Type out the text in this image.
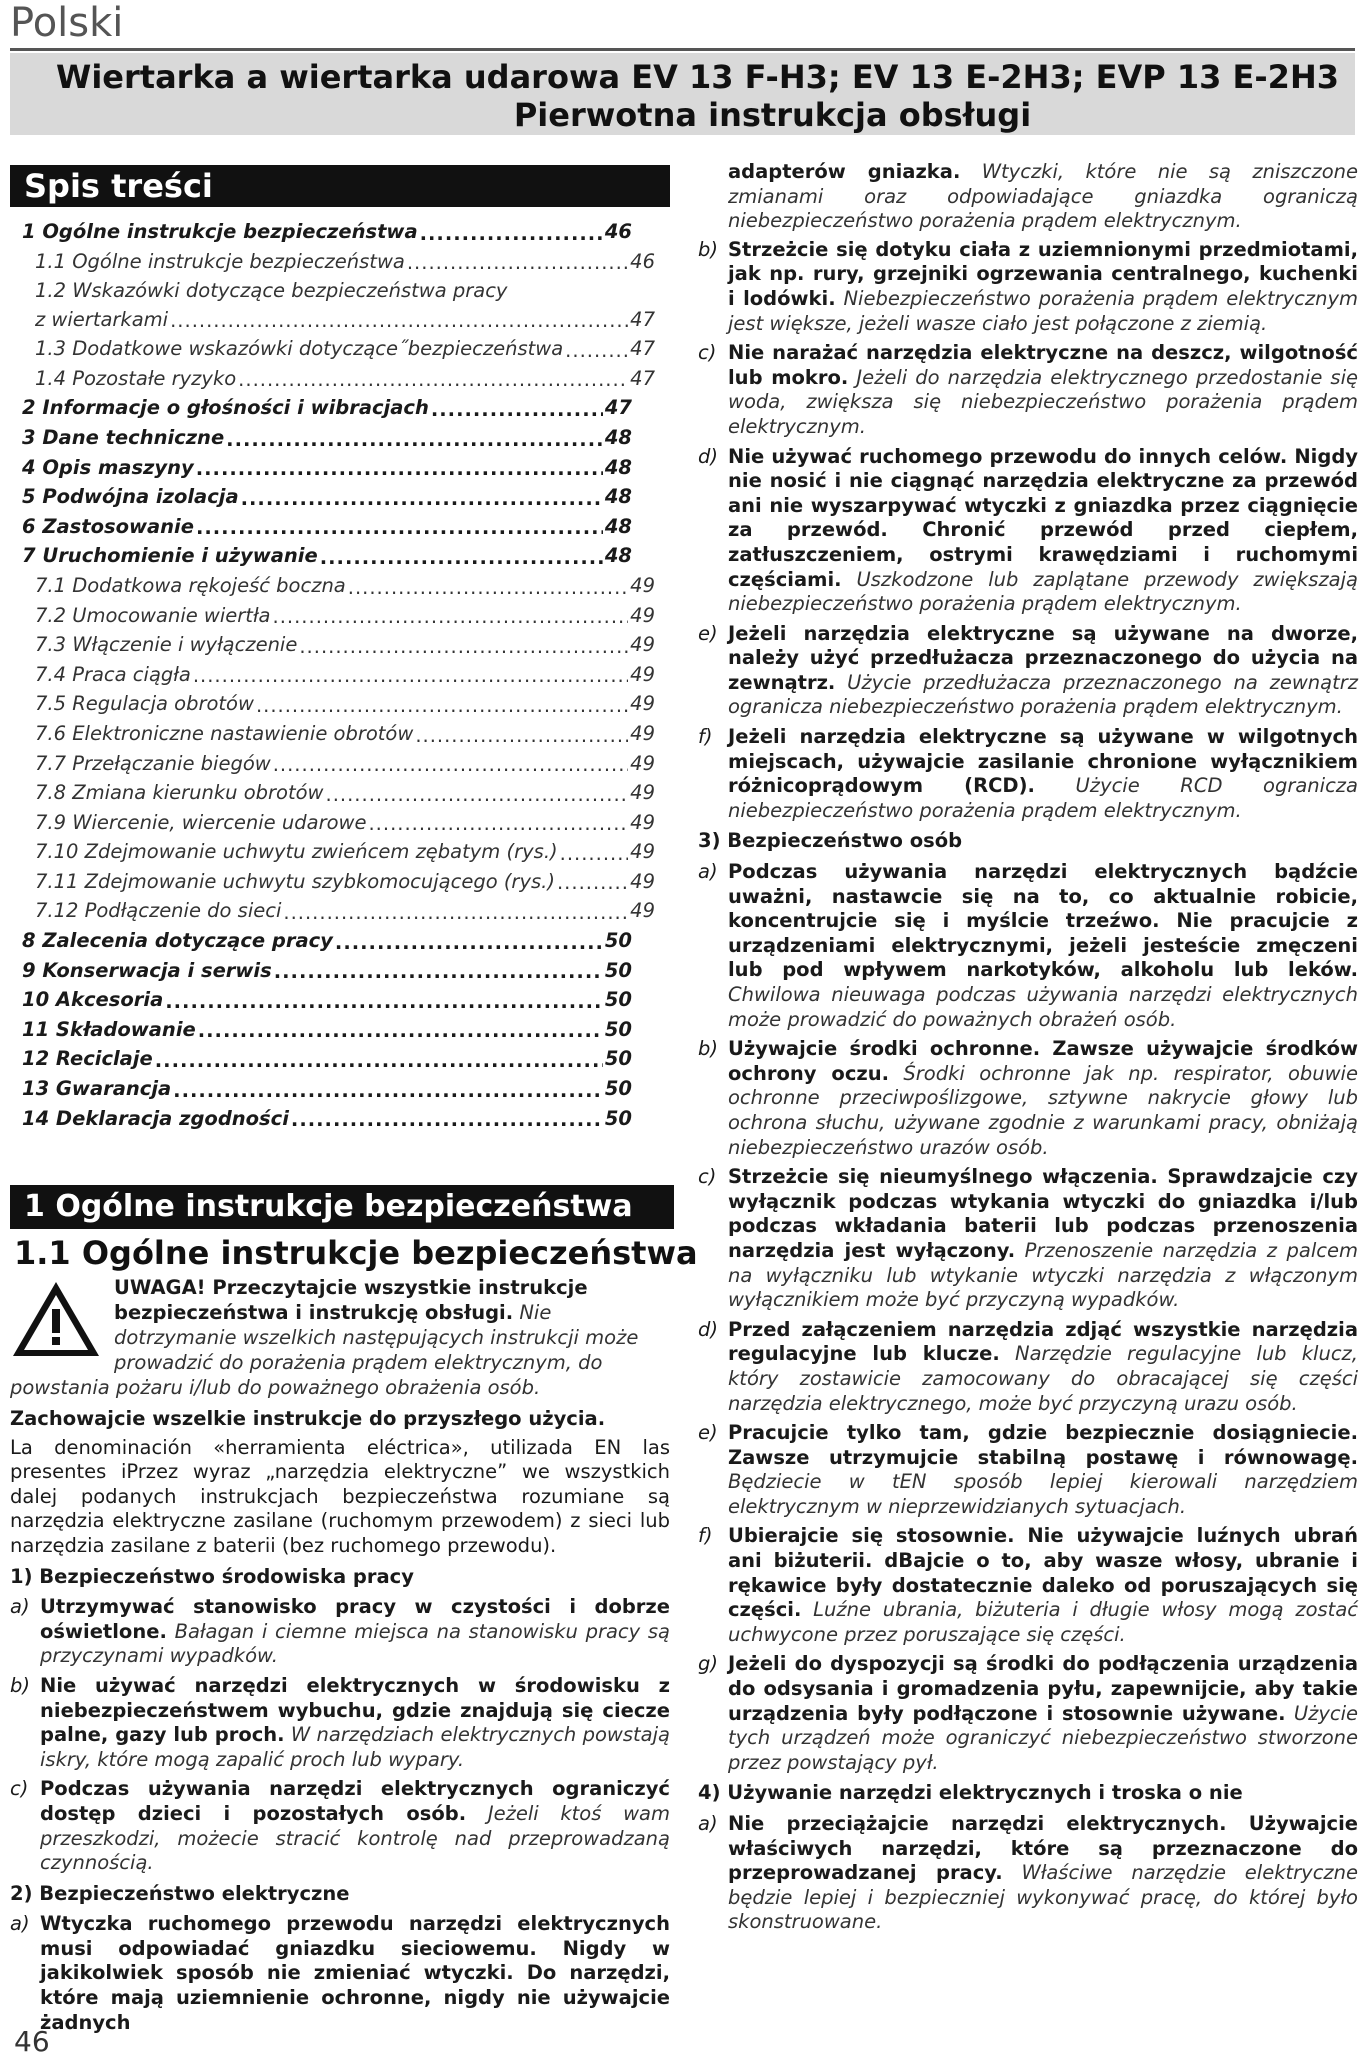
Polski
Wiertarka a wiertarka udarowa EV 13 F-H3; EV 13 E-2H3; EVP 13 E-2H3
Pierwotna instrukcja obsługi
Spis treści
1 Ogólne instrukcje bezpieczeństwa .....	46
1.1 Ogólne instrukcje bezpieczeństwa .....	46
1.2 Wskazówki dotyczące bezpieczeństwa pracy
z wiertarkami .....	47
1.3 Dodatkowe wskazówki dotyczące˝bezpieczeństwa .....	47
1.4 Pozostałe ryzyko .....	47
2 Informacje o głośności i wibracjach .....	47
3 Dane techniczne .....	48
4 Opis maszyny .....	48
5 Podwójna izolacja .....	48
6 Zastosowanie .....	48
7 Uruchomienie i używanie .....	48
7.1 Dodatkowa rękojeść boczna .....	49
7.2 Umocowanie wiertła .....	49
7.3 Włączenie i wyłączenie .....	49
7.4 Praca ciągła .....	49
7.5 Regulacja obrotów .....	49
7.6 Elektroniczne nastawienie obrotów .....	49
7.7 Przełączanie biegów .....	49
7.8 Zmiana kierunku obrotów .....	49
7.9 Wiercenie, wiercenie udarowe .....	49
7.10 Zdejmowanie uchwytu zwieńcem zębatym (rys.) .....	49
7.11 Zdejmowanie uchwytu szybkomocującego (rys.) .....	49
7.12 Podłączenie do sieci .....	49
8 Zalecenia dotyczące pracy .....	50
9 Konserwacja i serwis .....	50
10 Akcesoria .....	50
11 Składowanie .....	50
12 Reciclaje .....	50
13 Gwarancja .....	50
14 Deklaracja zgodności .....	50
1 Ogólne instrukcje bezpieczeństwa
1.1 Ogólne instrukcje bezpieczeństwa
UWAGA! Przeczytajcie wszystkie instrukcje bezpieczeństwa i instrukcję obsługi. Nie dotrzymanie wszelkich następujących instrukcji może prowadzić do porażenia prądem elektrycznym, do powstania pożaru i/lub do poważnego obrażenia osób.
Zachowajcie wszelkie instrukcje do przyszłego użycia.
La denominación «herramienta eléctrica», utilizada EN las presentes iPrzez wyraz „narzędzia elektryczne” we wszystkich dalej podanych instrukcjach bezpieczeństwa rozumiane są narzędzia elektryczne zasilane (ruchomym przewodem) z sieci lub narzędzia zasilane z baterii (bez ruchomego przewodu).
1) Bezpieczeństwo środowiska pracy
a) Utrzymywać stanowisko pracy w czystości i dobrze oświetlone. Bałagan i ciemne miejsca na stanowisku pracy są przyczynami wypadków.
b) Nie używać narzędzi elektrycznych w środowisku z niebezpieczeństwem wybuchu, gdzie znajdują się ciecze palne, gazy lub proch. W narzędziach elektrycznych powstają iskry, które mogą zapalić proch lub wypary.
c) Podczas używania narzędzi elektrycznych ograniczyć dostęp dzieci i pozostałych osób. Jeżeli ktoś wam przeszkodzi, możecie stracić kontrolę nad przeprowadzaną czynnością.
2) Bezpieczeństwo elektryczne
a) Wtyczka ruchomego przewodu narzędzi elektrycznych musi odpowiadać gniazdku sieciowemu. Nigdy w jakikolwiek sposób nie zmieniać wtyczki. Do narzędzi, które mają uziemnienie ochronne, nigdy nie używajcie żadnych
adapterów gniazka. Wtyczki, które nie są zniszczone zmianami oraz odpowiadające gniazdka ograniczą niebezpieczeństwo porażenia prądem elektrycznym.
b) Strzeżcie się dotyku ciała z uziemnionymi przedmiotami, jak np. rury, grzejniki ogrzewania centralnego, kuchenki i lodówki. Niebezpieczeństwo porażenia prądem elektrycznym jest większe, jeżeli wasze ciało jest połączone z ziemią.
c) Nie narażać narzędzia elektryczne na deszcz, wilgotność lub mokro. Jeżeli do narzędzia elektrycznego przedostanie się woda, zwiększa się niebezpieczeństwo porażenia prądem elektrycznym.
d) Nie używać ruchomego przewodu do innych celów. Nigdy nie nosić i nie ciągnąć narzędzia elektryczne za przewód ani nie wyszarpywać wtyczki z gniazdka przez ciągnięcie za przewód. Chronić przewód przed ciepłem, zatłuszczeniem, ostrymi krawędziami i ruchomymi częściami. Uszkodzone lub zaplątane przewody zwiększają niebezpieczeństwo porażenia prądem elektrycznym.
e) Jeżeli narzędzia elektryczne są używane na dworze, należy użyć przedłużacza przeznaczonego do użycia na zewnątrz. Użycie przedłużacza przeznaczonego na zewnątrz ogranicza niebezpieczeństwo porażenia prądem elektrycznym.
f) Jeżeli narzędzia elektryczne są używane w wilgotnych miejscach, używajcie zasilanie chronione wyłącznikiem różnicoprądowym (RCD). Użycie RCD ogranicza niebezpieczeństwo porażenia prądem elektrycznym.
3) Bezpieczeństwo osób
a) Podczas używania narzędzi elektrycznych bądźcie uważni, nastawcie się na to, co aktualnie robicie, koncentrujcie się i myślcie trzeźwo. Nie pracujcie z urządzeniami elektrycznymi, jeżeli jesteście zmęczeni lub pod wpływem narkotyków, alkoholu lub leków. Chwilowa nieuwaga podczas używania narzędzi elektrycznych może prowadzić do poważnych obrażeń osób.
b) Używajcie środki ochronne. Zawsze używajcie środków ochrony oczu. Środki ochronne jak np. respirator, obuwie ochronne przeciwpoślizgowe, sztywne nakrycie głowy lub ochrona słuchu, używane zgodnie z warunkami pracy, obniżają niebezpieczeństwo urazów osób.
c) Strzeżcie się nieumyślnego włączenia. Sprawdzajcie czy wyłącznik podczas wtykania wtyczki do gniazdka i/lub podczas wkładania baterii lub podczas przenoszenia narzędzia jest wyłączony. Przenoszenie narzędzia z palcem na wyłączniku lub wtykanie wtyczki narzędzia z włączonym wyłącznikiem może być przyczyną wypadków.
d) Przed załączeniem narzędzia zdjąć wszystkie narzędzia regulacyjne lub klucze. Narzędzie regulacyjne lub klucz, który zostawicie zamocowany do obracającej się części narzędzia elektrycznego, może być przyczyną urazu osób.
e) Pracujcie tylko tam, gdzie bezpiecznie dosiągniecie. Zawsze utrzymujcie stabilną postawę i równowagę. Będziecie w tEN sposób lepiej kierowali narzędziem elektrycznym w nieprzewidzianych sytuacjach.
f) Ubierajcie się stosownie. Nie używajcie luźnych ubrań ani biżuterii. dBajcie o to, aby wasze włosy, ubranie i rękawice były dostatecznie daleko od poruszających się części. Luźne ubrania, biżuteria i długie włosy mogą zostać uchwycone przez poruszające się części.
g) Jeżeli do dyspozycji są środki do podłączenia urządzenia do odsysania i gromadzenia pyłu, zapewnijcie, aby takie urządzenia były podłączone i stosownie używane. Użycie tych urządzeń może ograniczyć niebezpieczeństwo stworzone przez powstający pył.
4) Używanie narzędzi elektrycznych i troska o nie
a) Nie przeciążajcie narzędzi elektrycznych. Używajcie właściwych narzędzi, które są przeznaczone do przeprowadzanej pracy. Właściwe narzędzie elektryczne będzie lepiej i bezpieczniej wykonywać pracę, do której było skonstruowane.
46
